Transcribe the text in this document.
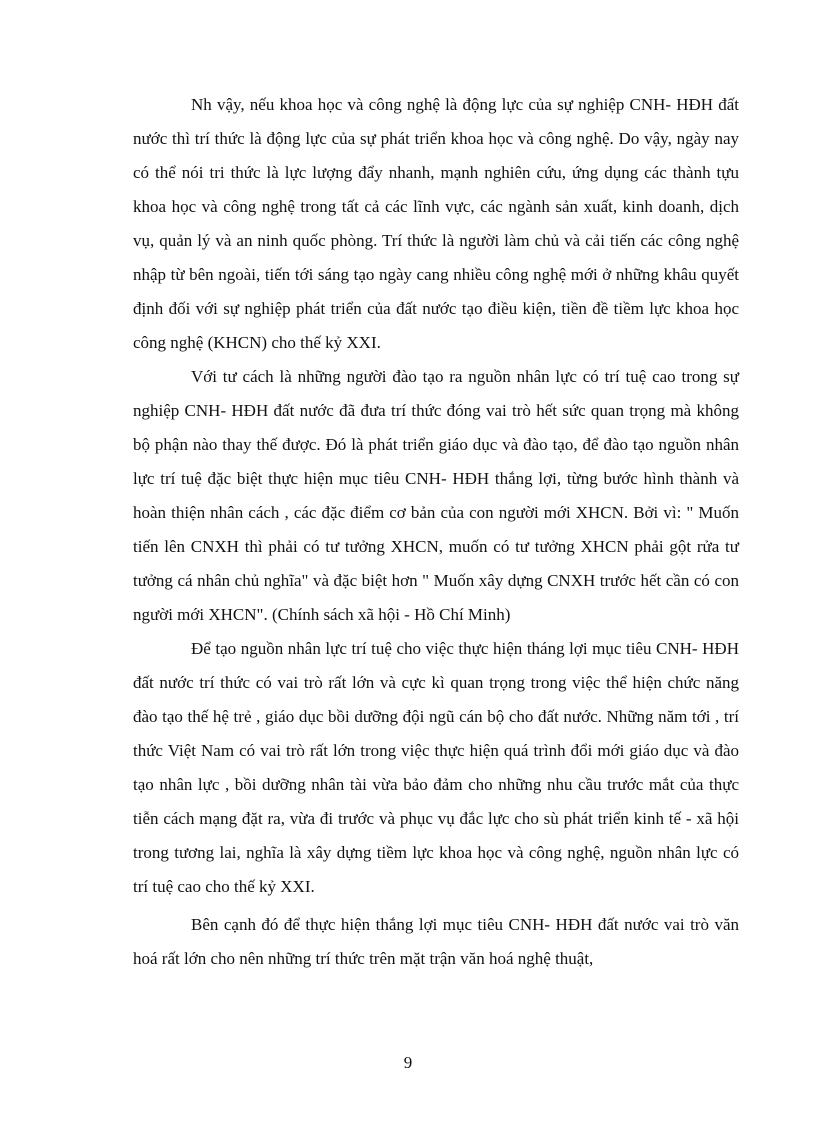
Nh vậy, nếu khoa học và công nghệ là động lực của sự nghiệp CNH- HĐH đất nước thì trí thức là động lực của sự phát triển khoa học và công nghệ. Do vậy, ngày nay có thể nói tri thức là lực lượng đẩy nhanh, mạnh nghiên cứu, ứng dụng các thành tựu khoa học và công nghệ trong tất cả các lĩnh vực, các ngành sản xuất, kinh doanh, dịch vụ, quản lý và an ninh quốc phòng. Trí thức là người làm chủ và cải tiến các công nghệ nhập từ bên ngoài, tiến tới sáng tạo ngày cang nhiều công nghệ mới ở những khâu quyết định đối với sự nghiệp phát triển của đất nước tạo điều kiện, tiền đề tiềm lực khoa học công nghệ (KHCN) cho thế kỷ XXI.

Với tư cách là những người đào tạo ra nguồn nhân lực có trí tuệ cao trong sự nghiệp CNH- HĐH đất nước đã đưa trí thức đóng vai trò hết sức quan trọng mà không bộ phận nào thay thế được. Đó là phát triển giáo dục và đào tạo, để đào tạo nguồn nhân lực trí tuệ đặc biệt thực hiện mục tiêu CNH- HĐH thắng lợi, từng bước hình thành và hoàn thiện nhân cách , các đặc điểm cơ bản của con người mới XHCN. Bởi vì: " Muốn tiến lên CNXH thì phải có tư tưởng XHCN, muốn có tư tưởng XHCN phải gột rửa tư tưởng cá nhân chủ nghĩa" và đặc biệt hơn " Muốn xây dựng CNXH trước hết cần có con người mới XHCN". (Chính sách xã hội - Hồ Chí Minh)

Để tạo nguồn nhân lực trí tuệ cho việc thực hiện tháng lợi mục tiêu CNH- HĐH đất nước trí thức có vai trò rất lớn và cực kì quan trọng trong việc thể hiện chức năng đào tạo thế hệ trẻ , giáo dục bồi dưỡng đội ngũ cán bộ cho đất nước. Những năm tới , trí thức Việt Nam có vai trò rất lớn trong việc thực hiện quá trình đổi mới giáo dục và đào tạo nhân lực , bồi dưỡng nhân tài vừa bảo đảm cho những nhu cầu trước mắt của thực tiễn cách mạng đặt ra, vừa đi trước và phục vụ đắc lực cho sù phát triển kinh tế - xã hội trong tương lai, nghĩa là xây dựng tiềm lực khoa học và công nghệ, nguồn nhân lực có trí tuệ cao cho thế kỷ XXI.

Bên cạnh đó để thực hiện thắng lợi mục tiêu CNH- HĐH đất nước vai trò văn hoá rất lớn cho nên những trí thức trên mặt trận văn hoá nghệ thuật,

9
